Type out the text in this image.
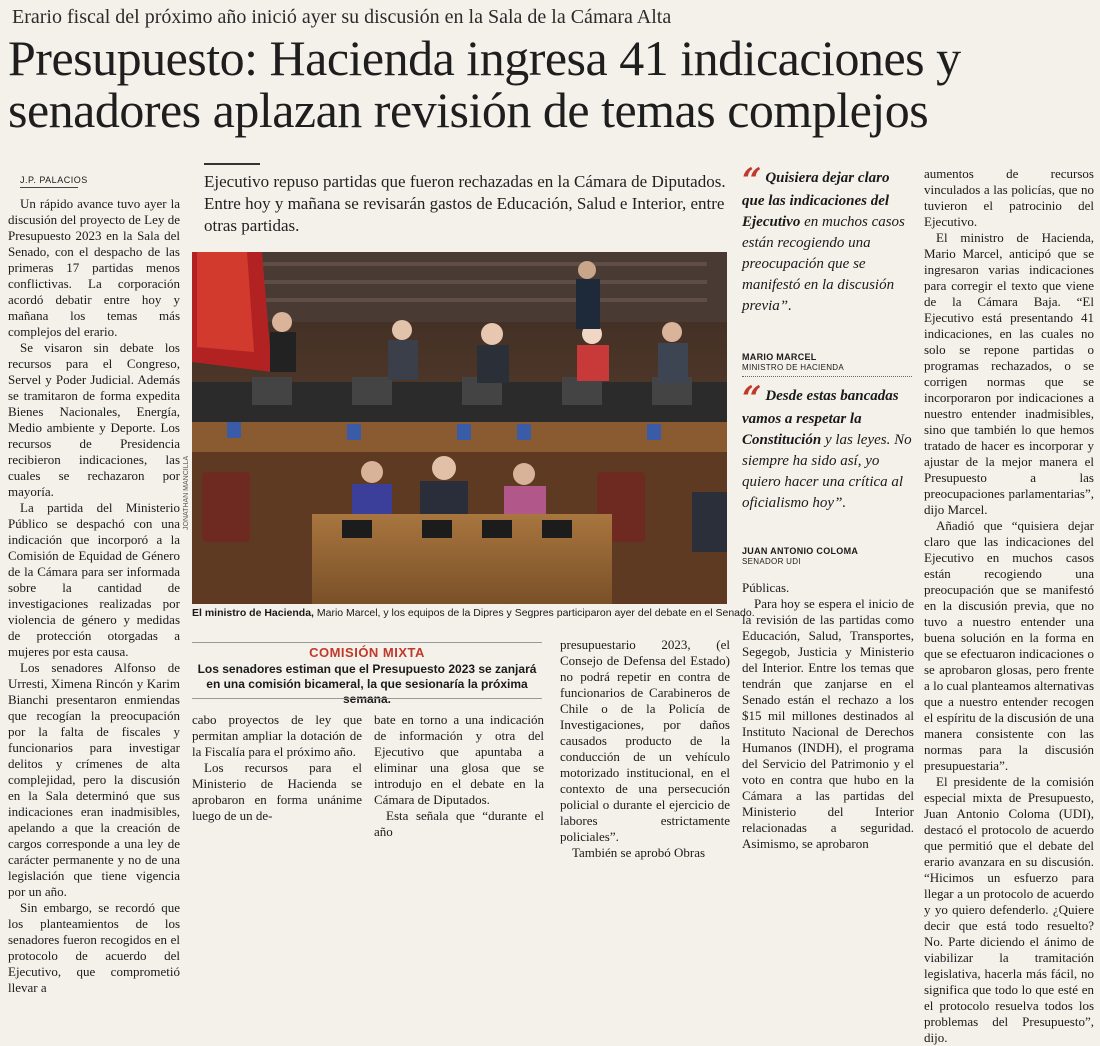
Erario fiscal del próximo año inició ayer su discusión en la Sala de la Cámara Alta
Presupuesto: Hacienda ingresa 41 indicaciones y
senadores aplazan revisión de temas complejos
J.P. PALACIOS

Un rápido avance tuvo ayer la discusión del proyecto de Ley de Presupuesto 2023 en la Sala del Senado, con el despacho de las primeras 17 partidas menos conflictivas. La corporación acordó debatir entre hoy y mañana los temas más complejos del erario.

Se visaron sin debate los recursos para el Congreso, Servel y Poder Judicial. Además se tramitaron de forma expedita Bienes Nacionales, Energía, Medio ambiente y Deporte. Los recursos de Presidencia recibieron indicaciones, las cuales se rechazaron por mayoría.

La partida del Ministerio Público se despachó con una indicación que incorporó a la Comisión de Equidad de Género de la Cámara para ser informada sobre la cantidad de investigaciones realizadas por violencia de género y medidas de protección otorgadas a mujeres por esta causa.

Los senadores Alfonso de Urresti, Ximena Rincón y Karim Bianchi presentaron enmiendas que recogían la preocupación por la falta de fiscales y funcionarios para investigar delitos y crímenes de alta complejidad, pero la discusión en la Sala determinó que sus indicaciones eran inadmisibles, apelando a que la creación de cargos corresponde a una ley de carácter permanente y no de una legislación que tiene vigencia por un año.

Sin embargo, se recordó que los planteamientos de los senadores fueron recogidos en el protocolo de acuerdo del Ejecutivo, que comprometió llevar a

Ejecutivo repuso partidas que fueron rechazadas en la Cámara de Diputados. Entre hoy y mañana se revisarán gastos de Educación, Salud e Interior, entre otras partidas.
JONATHAN MANCILLA
El ministro de Hacienda, Mario Marcel, y los equipos de la Dipres y Segpres participaron ayer del debate en el Senado.
COMISIÓN MIXTA
Los senadores estiman que el Presupuesto 2023 se zanjará en una comisión bicameral, la que sesionaría la próxima semana.

cabo proyectos de ley que permitan ampliar la dotación de la Fiscalía para el próximo año.

Los recursos para el Ministerio de Hacienda se aprobaron en forma unánime luego de un de-

bate en torno a una indicación de información y otra del Ejecutivo que apuntaba a eliminar una glosa que se introdujo en el debate en la Cámara de Diputados.

Esta señala que “durante el año

presupuestario 2023, (el Consejo de Defensa del Estado) no podrá repetir en contra de funcionarios de Carabineros de Chile o de la Policía de Investigaciones, por daños causados producto de la conducción de un vehículo motorizado institucional, en el contexto de una persecución policial o durante el ejercicio de labores estrictamente policiales”.

También se aprobó Obras

“ Quisiera dejar claro que las indicaciones del Ejecutivo en muchos casos están recogiendo una preocupación que se manifestó en la discusión previa”.
MARIO MARCEL
MINISTRO DE HACIENDA
“ Desde estas bancadas vamos a respetar la Constitución y las leyes. No siempre ha sido así, yo quiero hacer una crítica al oficialismo hoy”.
JUAN ANTONIO COLOMA
SENADOR UDI

Públicas.

Para hoy se espera el inicio de la revisión de las partidas como Educación, Salud, Transportes, Segegob, Justicia y Ministerio del Interior. Entre los temas que tendrán que zanjarse en el Senado están el rechazo a los $15 mil millones destinados al Instituto Nacional de Derechos Humanos (INDH), el programa del Servicio del Patrimonio y el voto en contra que hubo en la Cámara a las partidas del Ministerio del Interior relacionadas a seguridad. Asimismo, se aprobaron

aumentos de recursos vinculados a las policías, que no tuvieron el patrocinio del Ejecutivo.

El ministro de Hacienda, Mario Marcel, anticipó que se ingresaron varias indicaciones para corregir el texto que viene de la Cámara Baja. “El Ejecutivo está presentando 41 indicaciones, en las cuales no solo se repone partidas o programas rechazados, o se corrigen normas que se incorporaron por indicaciones a nuestro entender inadmisibles, sino que también lo que hemos tratado de hacer es incorporar y ajustar de la mejor manera el Presupuesto a las preocupaciones parlamentarias”, dijo Marcel.

Añadió que “quisiera dejar claro que las indicaciones del Ejecutivo en muchos casos están recogiendo una preocupación que se manifestó en la discusión previa, que no tuvo a nuestro entender una buena solución en la forma en que se efectuaron indicaciones o se aprobaron glosas, pero frente a lo cual planteamos alternativas que a nuestro entender recogen el espíritu de la discusión de una manera consistente con las normas para la discusión presupuestaria”.

El presidente de la comisión especial mixta de Presupuesto, Juan Antonio Coloma (UDI), destacó el protocolo de acuerdo que permitió que el debate del erario avanzara en su discusión. “Hicimos un esfuerzo para llegar a un protocolo de acuerdo y yo quiero defenderlo. ¿Quiere decir que está todo resuelto? No. Parte diciendo el ánimo de viabilizar la tramitación legislativa, hacerla más fácil, no significa que todo lo que esté en el protocolo resuelva todos los problemas del Presupuesto”, dijo.
